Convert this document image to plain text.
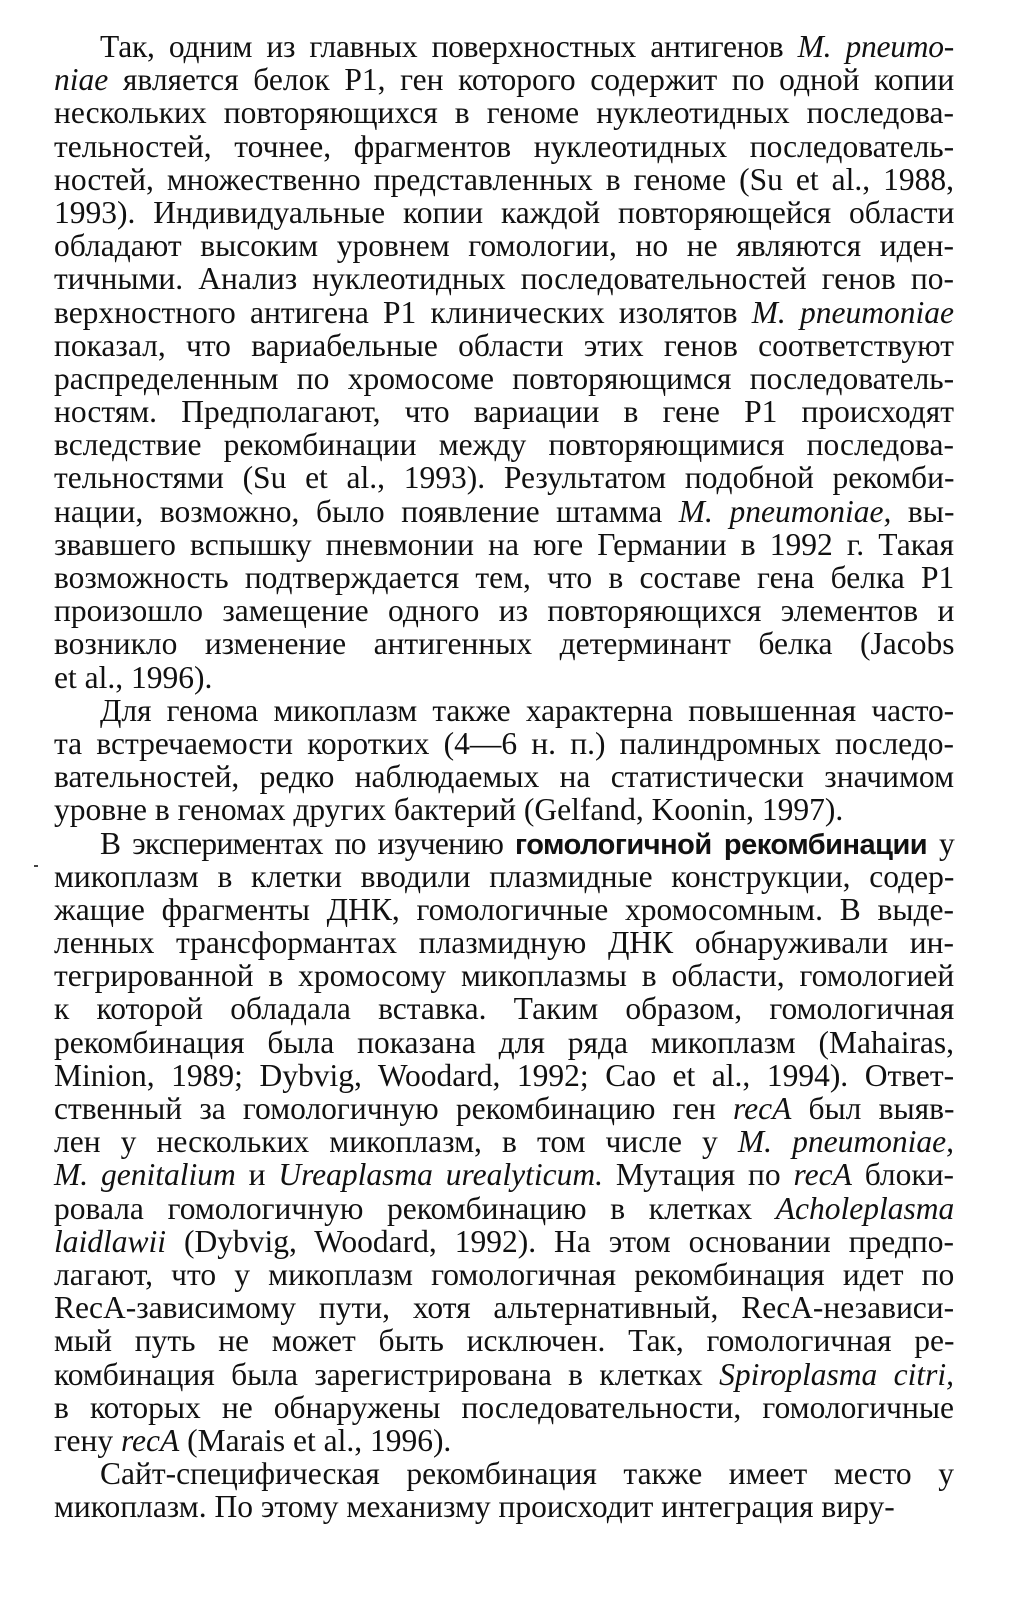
Так, одним из главных поверхностных антигенов M. pneumo-
niae является белок Р1, ген которого содержит по одной копии
нескольких повторяющихся в геноме нуклеотидных последова-
тельностей, точнее, фрагментов нуклеотидных последователь-
ностей, множественно представленных в геноме (Su et al., 1988,
1993). Индивидуальные копии каждой повторяющейся области
обладают высоким уровнем гомологии, но не являются иден-
тичными. Анализ нуклеотидных последовательностей генов по-
верхностного антигена Р1 клинических изолятов M. pneumoniae
показал, что вариабельные области этих генов соответствуют
распределенным по хромосоме повторяющимся последователь-
ностям. Предполагают, что вариации в гене Р1 происходят
вследствие рекомбинации между повторяющимися последова-
тельностями (Su et al., 1993). Результатом подобной рекомби-
нации, возможно, было появление штамма M. pneumoniae, вы-
звавшего вспышку пневмонии на юге Германии в 1992 г. Такая
возможность подтверждается тем, что в составе гена белка Р1
произошло замещение одного из повторяющихся элементов и
возникло изменение антигенных детерминант белка (Jacobs
et al., 1996).
Для генома микоплазм также характерна повышенная часто-
та встречаемости коротких (4—6 н. п.) палиндромных последо-
вательностей, редко наблюдаемых на статистически значимом
уровне в геномах других бактерий (Gelfand, Koonin, 1997).
В экспериментах по изучению гомологичной рекомбинации у
микоплазм в клетки вводили плазмидные конструкции, содер-
жащие фрагменты ДНК, гомологичные хромосомным. В выде-
ленных трансформантах плазмидную ДНК обнаруживали ин-
тегрированной в хромосому микоплазмы в области, гомологией
к которой обладала вставка. Таким образом, гомологичная
рекомбинация была показана для ряда микоплазм (Mahairas,
Minion, 1989; Dybvig, Woodard, 1992; Cao et al., 1994). Ответ-
ственный за гомологичную рекомбинацию ген recA был выяв-
лен у нескольких микоплазм, в том числе у M. pneumoniae,
M. genitalium и Ureaplasma urealyticum. Мутация по recA блоки-
ровала гомологичную рекомбинацию в клетках Acholeplasma
laidlawii (Dybvig, Woodard, 1992). На этом основании предпо-
лагают, что у микоплазм гомологичная рекомбинация идет по
RecA-зависимому пути, хотя альтернативный, RecA-независи-
мый путь не может быть исключен. Так, гомологичная ре-
комбинация была зарегистрирована в клетках Spiroplasma citri,
в которых не обнаружены последовательности, гомологичные
гену recA (Marais et al., 1996).
Сайт-специфическая рекомбинация также имеет место у
микоплазм. По этому механизму происходит интеграция виру-
